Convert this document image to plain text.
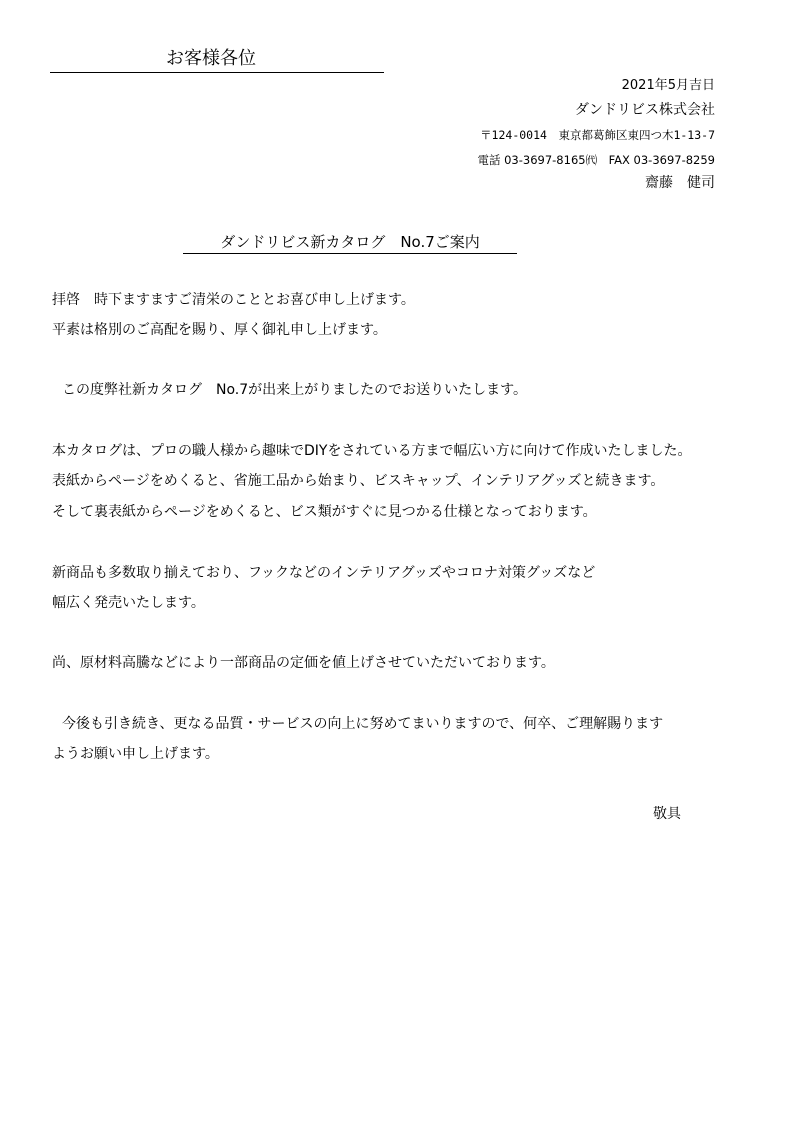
お客様各位
2021年5月吉日
ダンドリビス株式会社
〒124-0014　東京都葛飾区東四つ木1-13-7
電話 03-3697-8165㈹　FAX 03-3697-8259
齋藤　健司
ダンドリビス新カタログ　No.7ご案内
拝啓　時下ますますご清栄のこととお喜び申し上げます。
平素は格別のご高配を賜り、厚く御礼申し上げます。
この度弊社新カタログ　No.7が出来上がりましたのでお送りいたします。
本カタログは、プロの職人様から趣味でDIYをされている方まで幅広い方に向けて作成いたしました。
表紙からページをめくると、省施工品から始まり、ビスキャップ、インテリアグッズと続きます。
そして裏表紙からページをめくると、ビス類がすぐに見つかる仕様となっております。
新商品も多数取り揃えており、フックなどのインテリアグッズやコロナ対策グッズなど
幅広く発売いたします。
尚、原材料高騰などにより一部商品の定価を値上げさせていただいております。
今後も引き続き、更なる品質・サービスの向上に努めてまいりますので、何卒、ご理解賜ります
ようお願い申し上げます。
敬具
